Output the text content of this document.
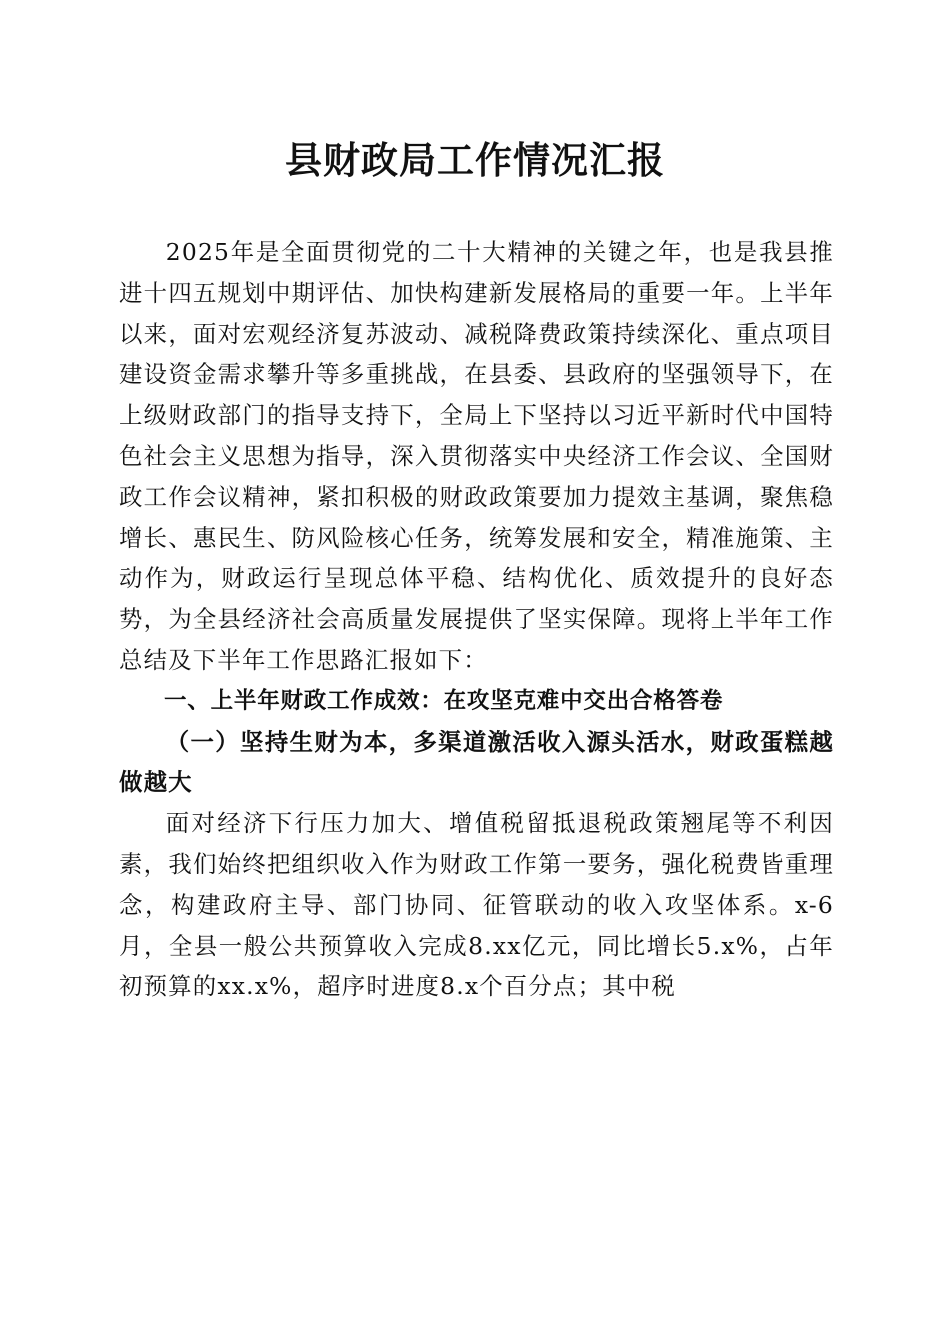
县财政局工作情况汇报

2025年是全面贯彻党的二十大精神的关键之年，也是我县推进十四五规划中期评估、加快构建新发展格局的重要一年。上半年以来，面对宏观经济复苏波动、减税降费政策持续深化、重点项目建设资金需求攀升等多重挑战，在县委、县政府的坚强领导下，在上级财政部门的指导支持下，全局上下坚持以习近平新时代中国特色社会主义思想为指导，深入贯彻落实中央经济工作会议、全国财政工作会议精神，紧扣积极的财政政策要加力提效主基调，聚焦稳增长、惠民生、防风险核心任务，统筹发展和安全，精准施策、主动作为，财政运行呈现总体平稳、结构优化、质效提升的良好态势，为全县经济社会高质量发展提供了坚实保障。现将上半年工作总结及下半年工作思路汇报如下：

一、上半年财政工作成效：在攻坚克难中交出合格答卷

（一）坚持生财为本，多渠道激活收入源头活水，财政蛋糕越做越大

面对经济下行压力加大、增值税留抵退税政策翘尾等不利因素，我们始终把组织收入作为财政工作第一要务，强化税费皆重理念，构建政府主导、部门协同、征管联动的收入攻坚体系。x-6月，全县一般公共预算收入完成8.xx亿元，同比增长5.x%，占年初预算的xx.x%，超序时进度8.x个百分点；其中税
